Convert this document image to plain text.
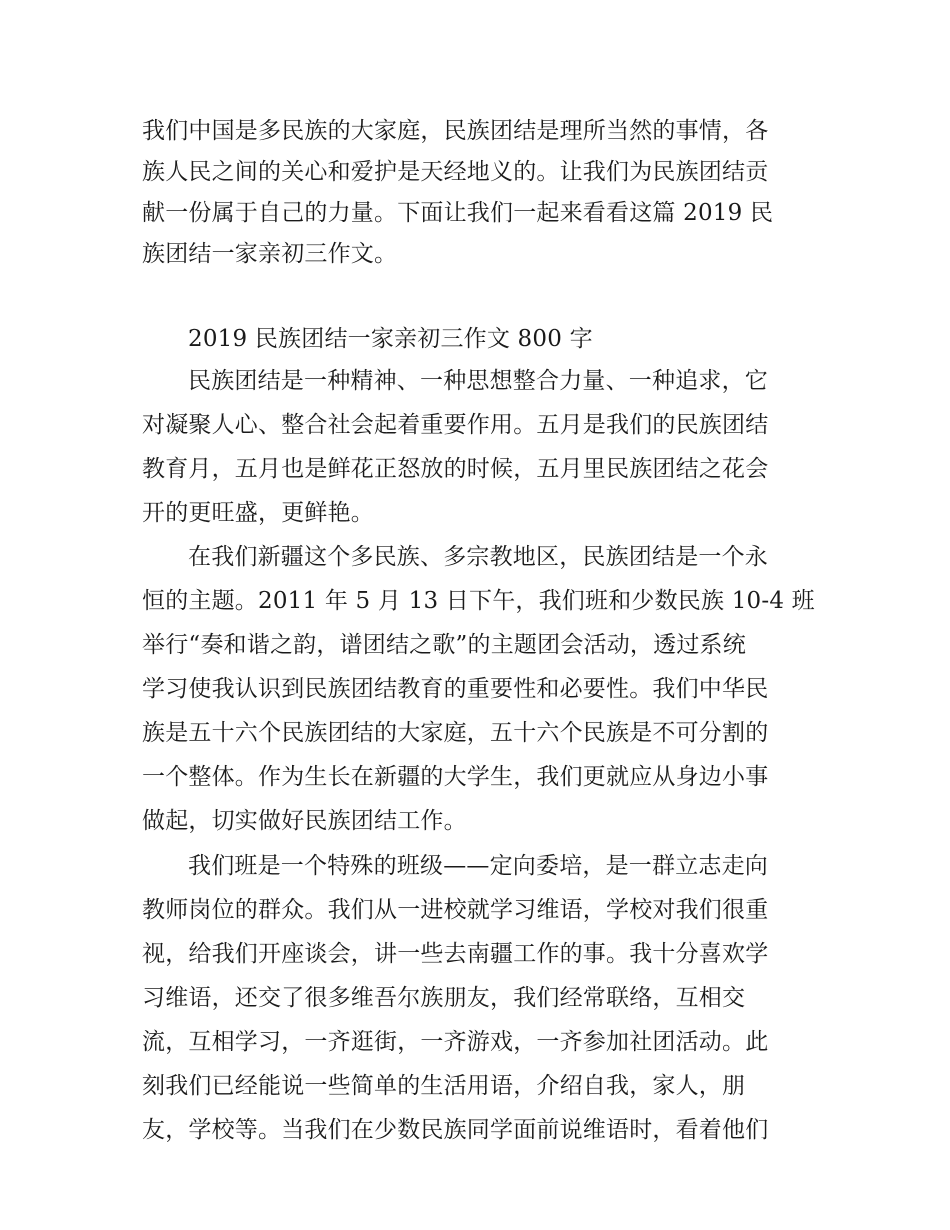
我们中国是多民族的大家庭，民族团结是理所当然的事情，各
族人民之间的关心和爱护是天经地义的。让我们为民族团结贡
献一份属于自己的力量。下面让我们一起来看看这篇 2019 民
族团结一家亲初三作文。
2019 民族团结一家亲初三作文 800 字
民族团结是一种精神、一种思想整合力量、一种追求，它
对凝聚人心、整合社会起着重要作用。五月是我们的民族团结
教育月，五月也是鲜花正怒放的时候，五月里民族团结之花会
开的更旺盛，更鲜艳。
在我们新疆这个多民族、多宗教地区，民族团结是一个永
恒的主题。2011 年 5 月 13 日下午，我们班和少数民族 10-4 班
举行“奏和谐之韵，谱团结之歌”的主题团会活动，透过系统
学习使我认识到民族团结教育的重要性和必要性。我们中华民
族是五十六个民族团结的大家庭，五十六个民族是不可分割的
一个整体。作为生长在新疆的大学生，我们更就应从身边小事
做起，切实做好民族团结工作。
我们班是一个特殊的班级——定向委培，是一群立志走向
教师岗位的群众。我们从一进校就学习维语，学校对我们很重
视，给我们开座谈会，讲一些去南疆工作的事。我十分喜欢学
习维语，还交了很多维吾尔族朋友，我们经常联络，互相交
流，互相学习，一齐逛街，一齐游戏，一齐参加社团活动。此
刻我们已经能说一些简单的生活用语，介绍自我，家人，朋
友，学校等。当我们在少数民族同学面前说维语时，看着他们
